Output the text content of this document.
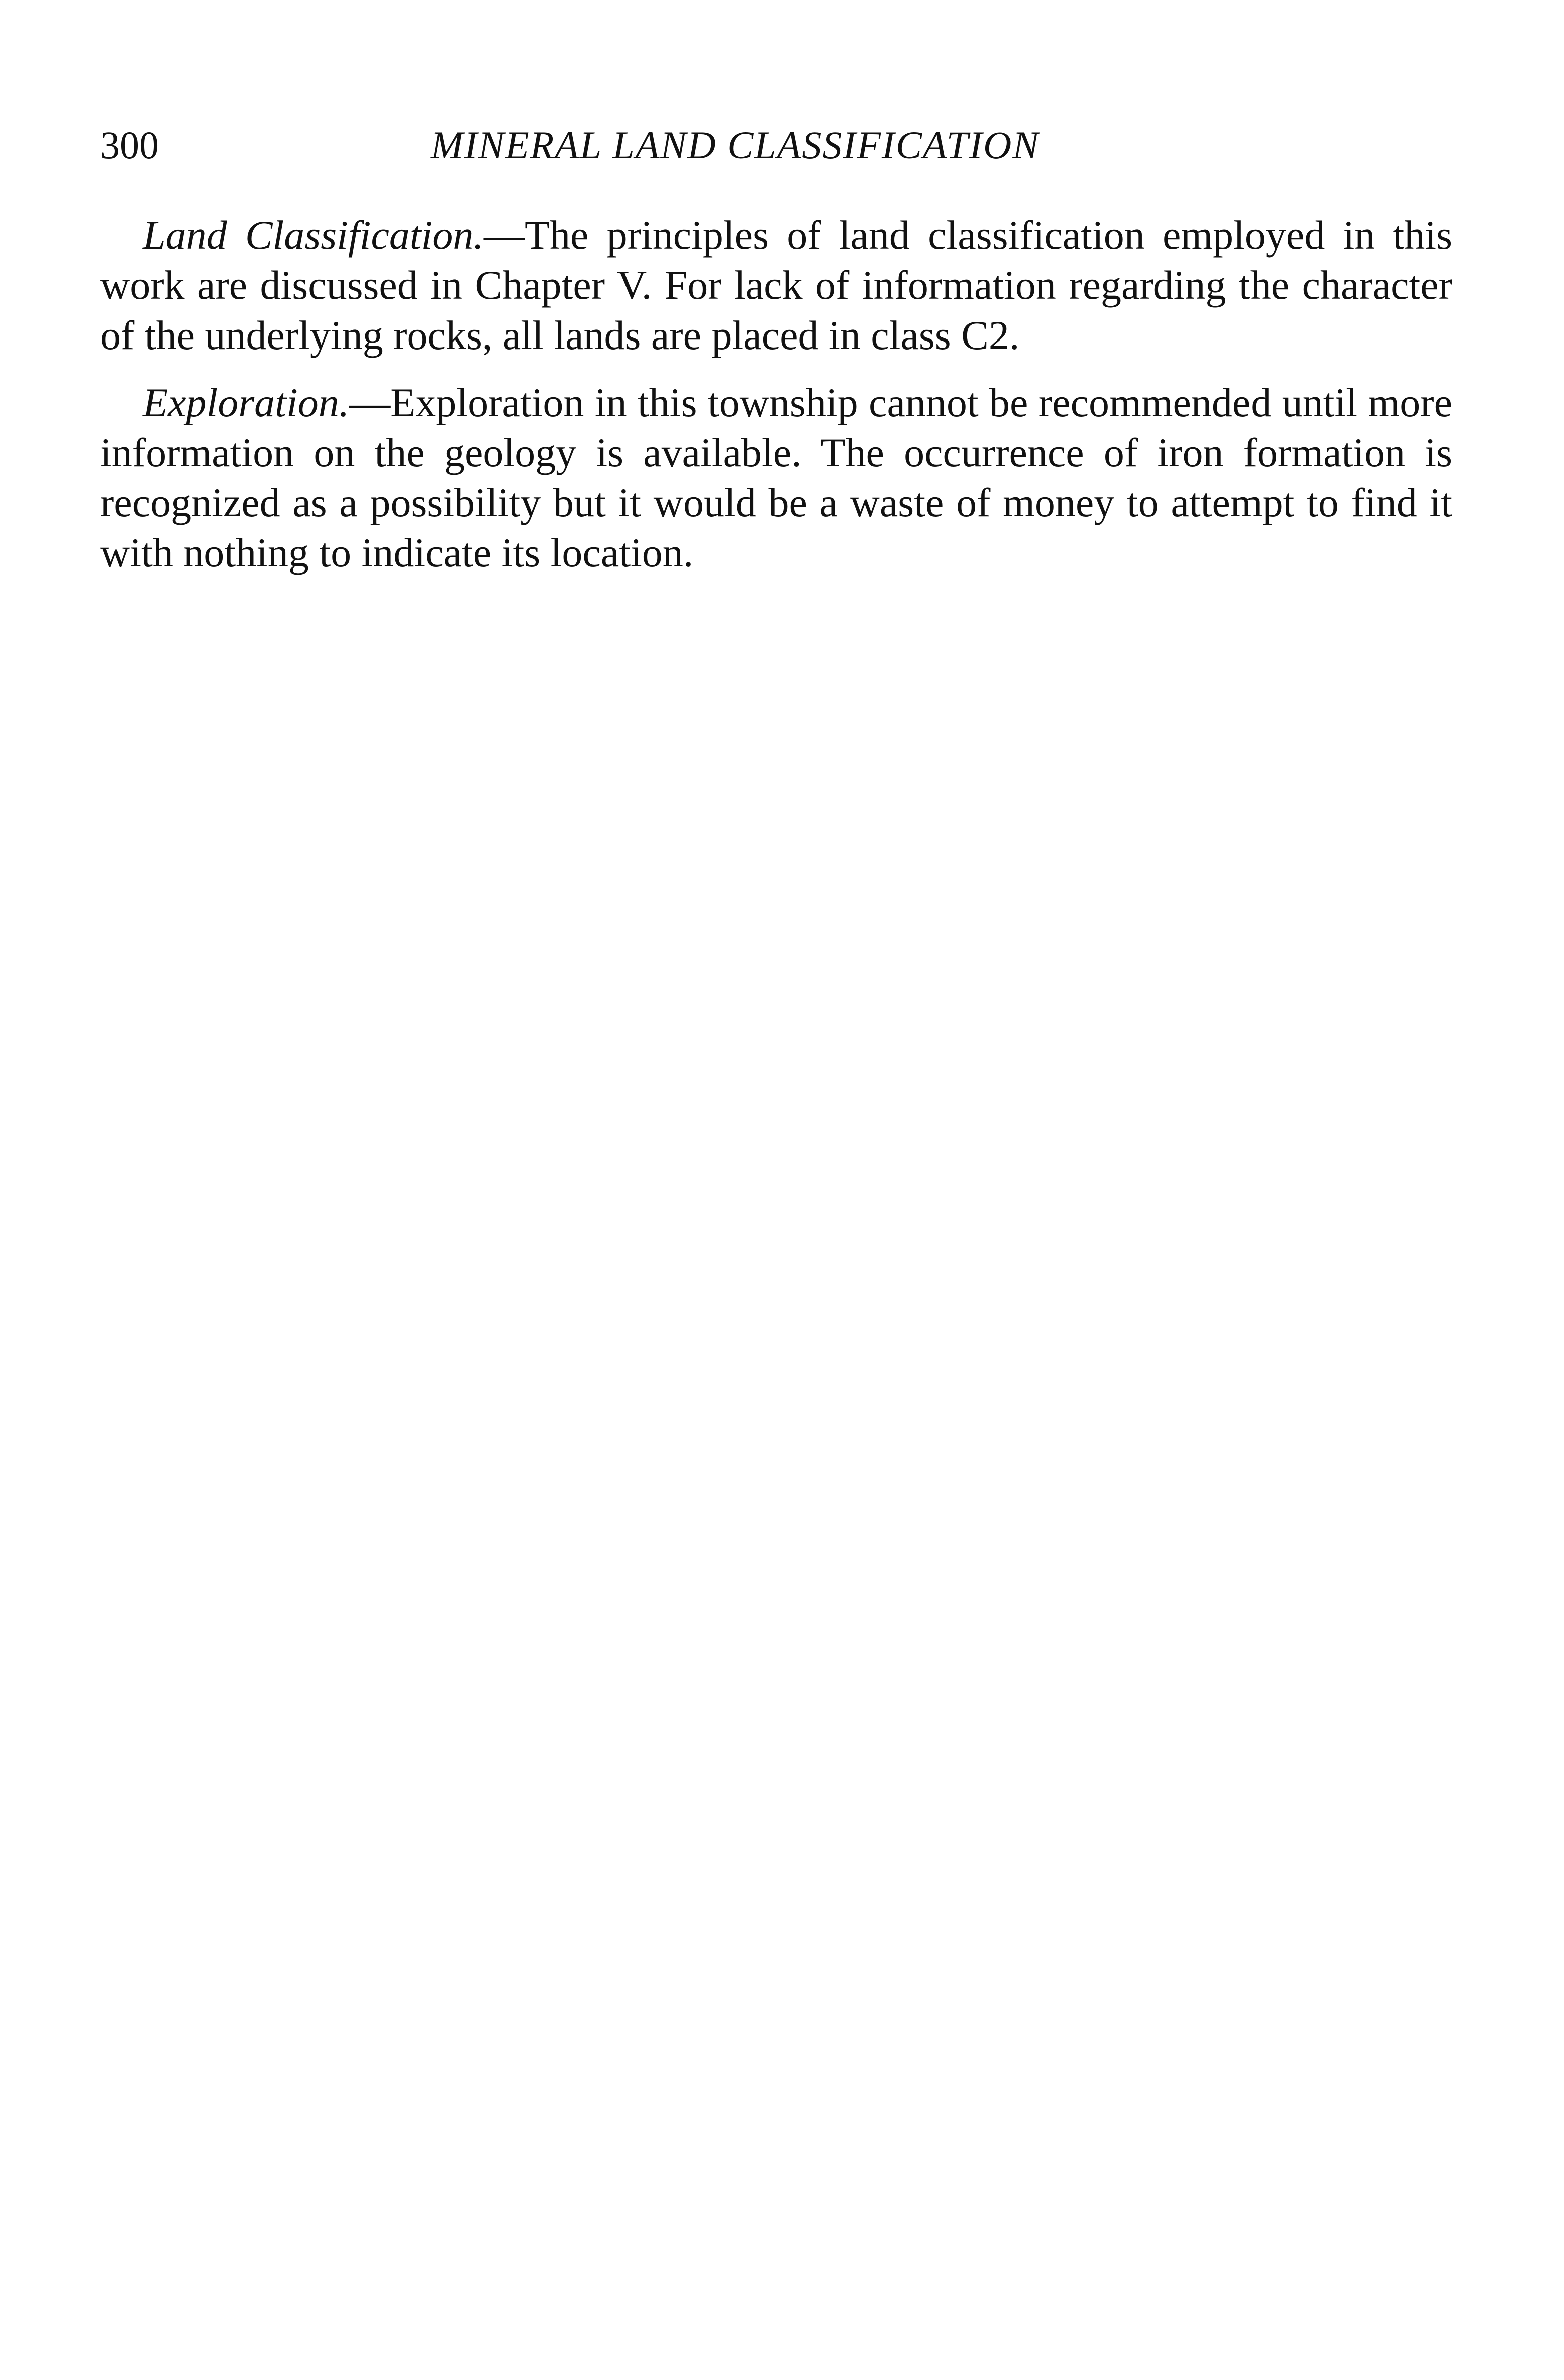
300	MINERAL LAND CLASSIFICATION

Land Classification.—The principles of land classification employed in this work are discussed in Chapter V. For lack of information regarding the character of the underlying rocks, all lands are placed in class C2.

Exploration.—Exploration in this township cannot be recommended until more information on the geology is available. The occurrence of iron formation is recognized as a possibility but it would be a waste of money to attempt to find it with nothing to indicate its location.
